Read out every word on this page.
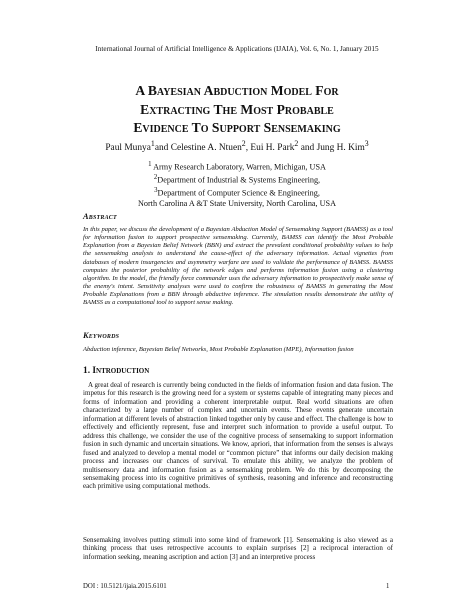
International Journal of Artificial Intelligence & Applications (IJAIA), Vol. 6, No. 1, January 2015
A Bayesian Abduction Model For
Extracting The Most Probable
Evidence To Support Sensemaking
Paul Munya$^1$and Celestine A. Ntuen$^2$, Eui H. Park$^2$ and Jung H. Kim$^3$
$^1$ Army Research Laboratory, Warren, Michigan, USA
$^2$Department of Industrial & Systems Engineering,
$^3$Department of Computer Science & Engineering,
North Carolina A &T State University, North Carolina, USA
Abstract
In this paper, we discuss the development of a Bayesian Abduction Model of Sensemaking Support (BAMSS) as a tool for information fusion to support prospective sensemaking. Currently, BAMSS can identify the Most Probable Explanation from a Bayesian Belief Network (BBN) and extract the prevalent conditional probability values to help the sensemaking analysts to understand the cause-effect of the adversary information. Actual vignettes from databases of modern insurgencies and asymmetry warfare are used to validate the performance of BAMSS. BAMSS computes the posterior probability of the network edges and performs information fusion using a clustering algorithm. In the model, the friendly force commander uses the adversary information to prospectively make sense of the enemy's intent. Sensitivity analyses were used to confirm the robustness of BAMSS in generating the Most Probable Explanations from a BBN through abductive inference. The simulation results demonstrate the utility of BAMSS as a computational tool to support sense making.
Keywords
Abduction inference, Bayesian Belief Networks, Most Probable Explanation (MPE), Information fusion
1. Introduction
A great deal of research is currently being conducted in the fields of information fusion and data fusion. The impetus for this research is the growing need for a system or systems capable of integrating many pieces and forms of information and providing a coherent interpretable output. Real world situations are often characterized by a large number of complex and uncertain events. These events generate uncertain information at different levels of abstraction linked together only by cause and effect. The challenge is how to effectively and efficiently represent, fuse and interpret such information to provide a useful output. To address this challenge, we consider the use of the cognitive process of sensemaking to support information fusion in such dynamic and uncertain situations. We know, apriori, that information from the senses is always fused and analyzed to develop a mental model or “common picture” that informs our daily decision making process and increases our chances of survival. To emulate this ability, we analyze the problem of multisensory data and information fusion as a sensemaking problem. We do this by decomposing the sensemaking process into its cognitive primitives of synthesis, reasoning and inference and reconstructing each primitive using computational methods.
Sensemaking involves putting stimuli into some kind of framework [1]. Sensemaking is also viewed as a thinking process that uses retrospective accounts to explain surprises [2] a reciprocal interaction of information seeking, meaning ascription and action [3] and an interpretive process
DOI : 10.5121/ijaia.2015.6101	1
